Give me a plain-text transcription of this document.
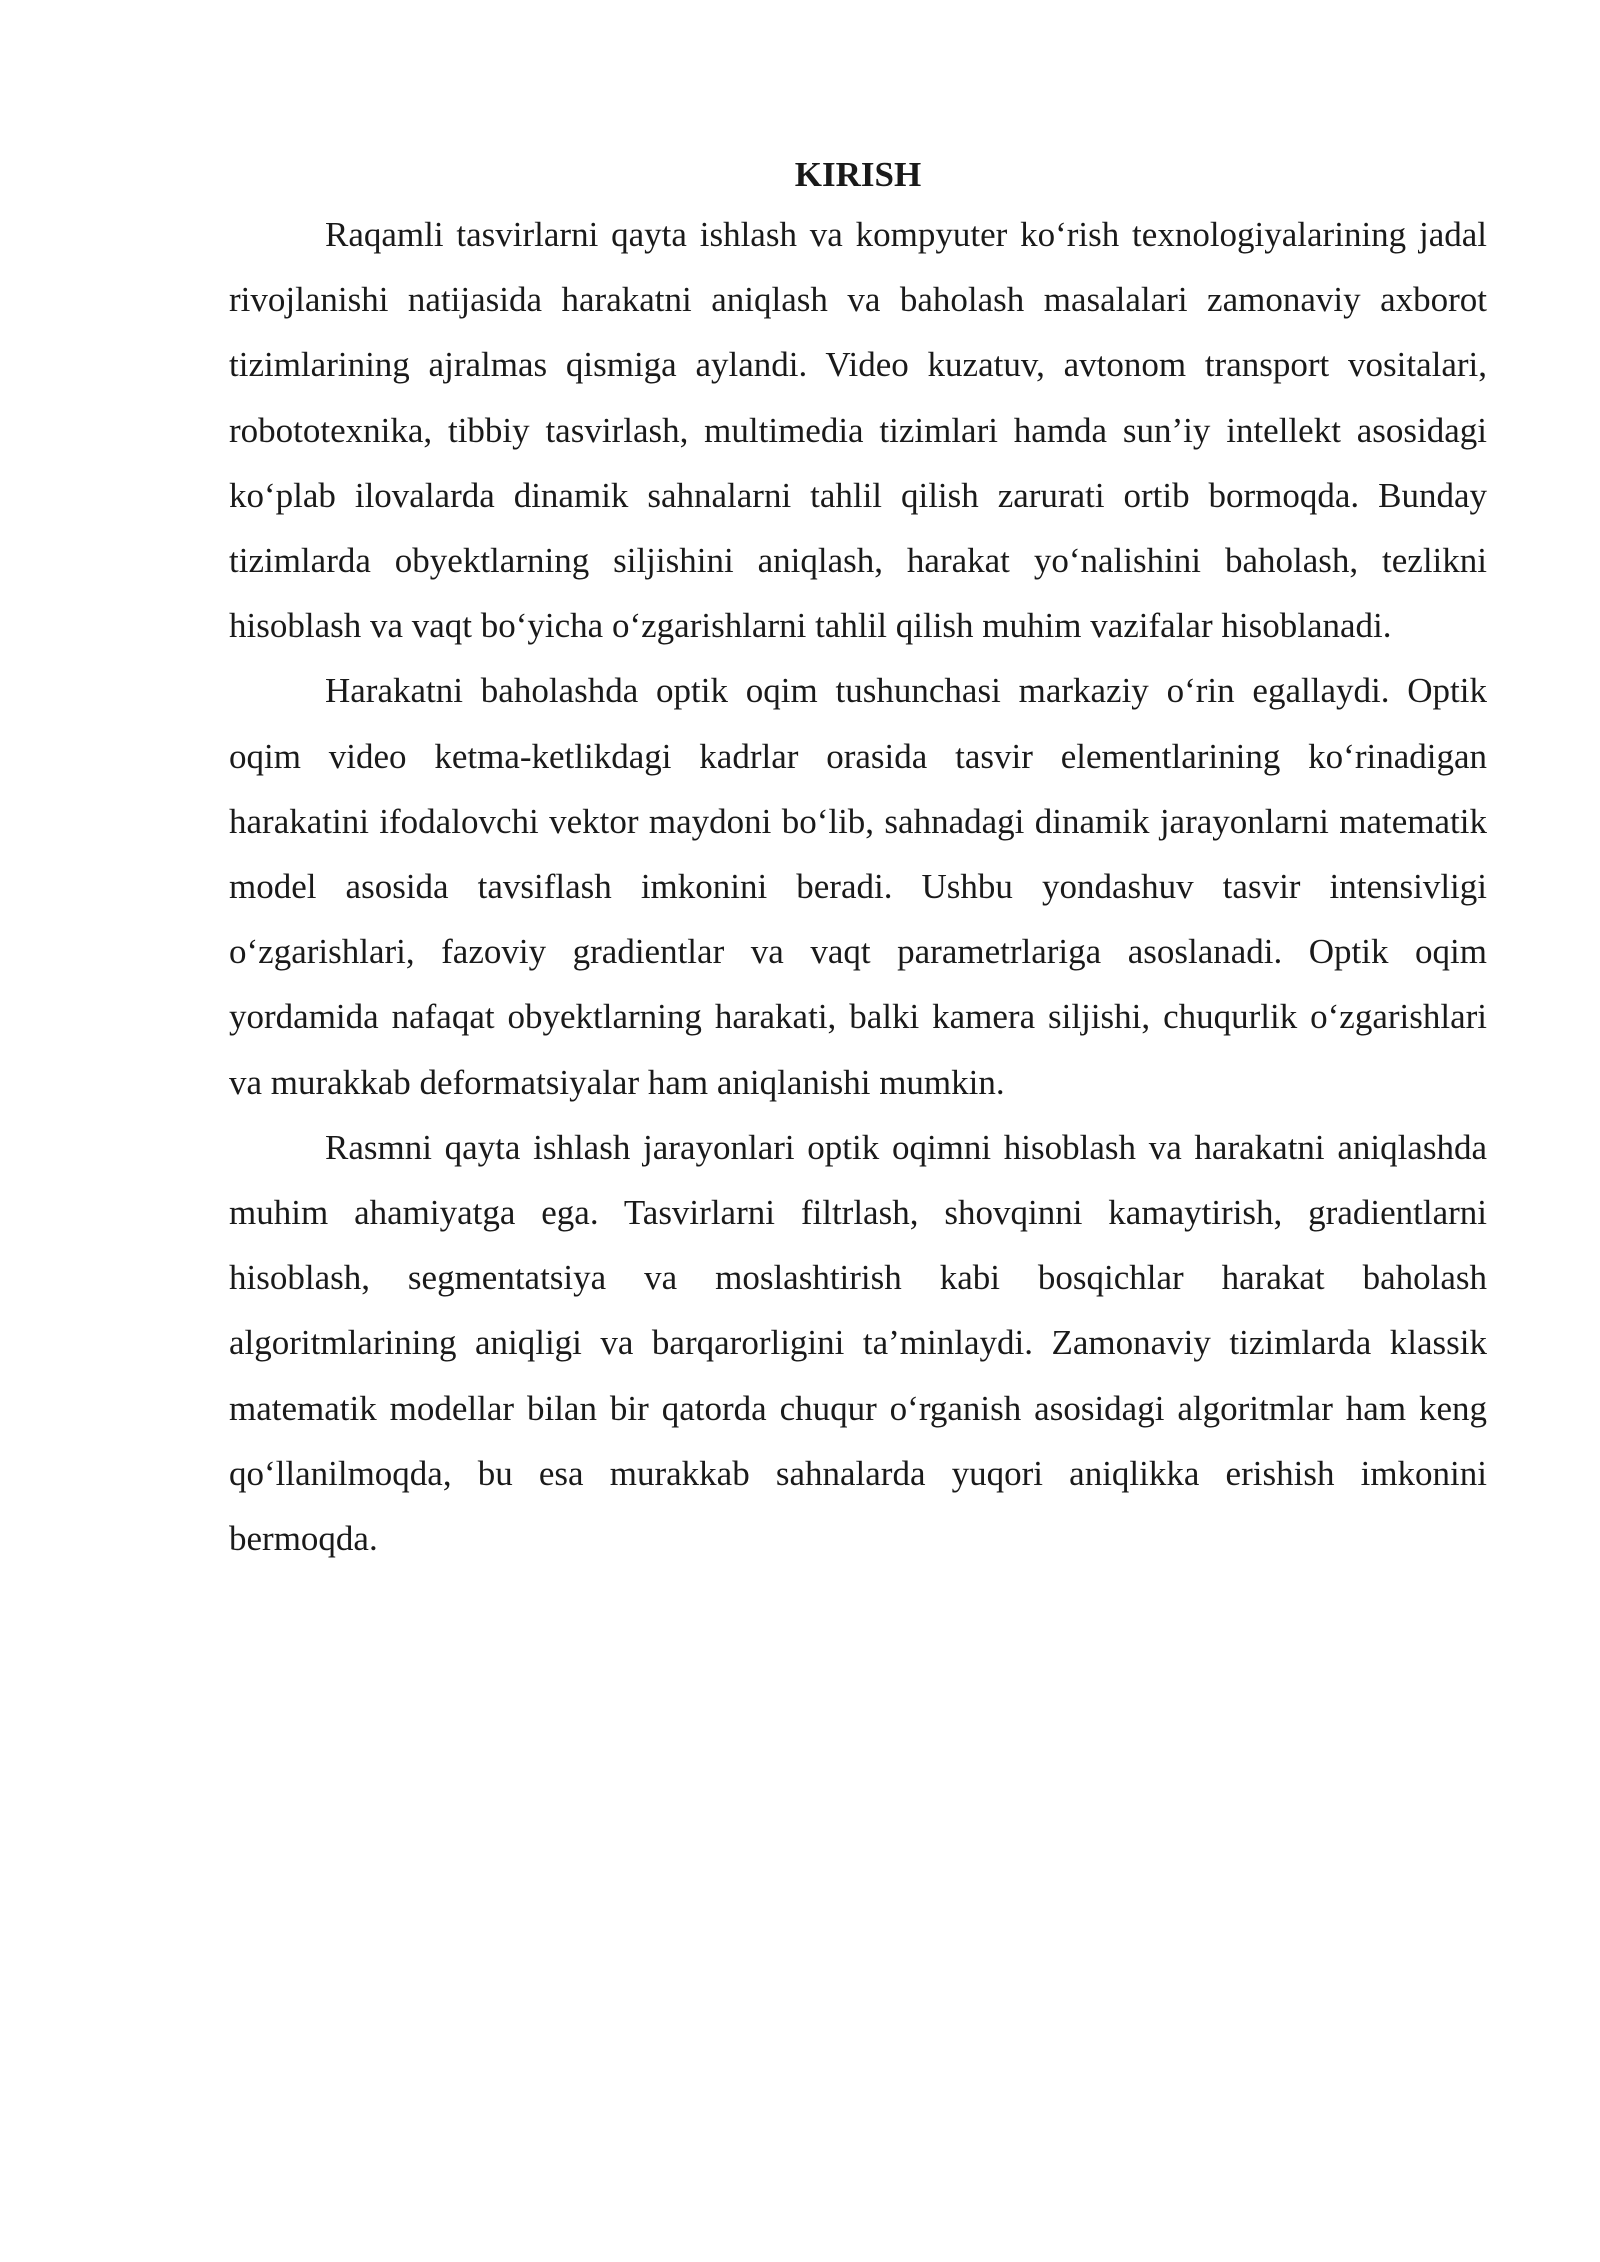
KIRISH

Raqamli tasvirlarni qayta ishlash va kompyuter ko‘rish texnologiyalarining jadal rivojlanishi natijasida harakatni aniqlash va baholash masalalari zamonaviy axborot tizimlarining ajralmas qismiga aylandi. Video kuzatuv, avtonom transport vositalari, robototexnika, tibbiy tasvirlash, multimedia tizimlari hamda sun’iy intellekt asosidagi ko‘plab ilovalarda dinamik sahnalarni tahlil qilish zarurati ortib bormoqda. Bunday tizimlarda obyektlarning siljishini aniqlash, harakat yo‘nalishini baholash, tezlikni hisoblash va vaqt bo‘yicha o‘zgarishlarni tahlil qilish muhim vazifalar hisoblanadi.

Harakatni baholashda optik oqim tushunchasi markaziy o‘rin egallaydi. Optik oqim video ketma-ketlikdagi kadrlar orasida tasvir elementlarining ko‘rinadigan harakatini ifodalovchi vektor maydoni bo‘lib, sahnadagi dinamik jarayonlarni matematik model asosida tavsiflash imkonini beradi. Ushbu yondashuv tasvir intensivligi o‘zgarishlari, fazoviy gradientlar va vaqt parametrlariga asoslanadi. Optik oqim yordamida nafaqat obyektlarning harakati, balki kamera siljishi, chuqurlik o‘zgarishlari va murakkab deformatsiyalar ham aniqlanishi mumkin.

Rasmni qayta ishlash jarayonlari optik oqimni hisoblash va harakatni aniqlashda muhim ahamiyatga ega. Tasvirlarni filtrlash, shovqinni kamaytirish, gradientlarni hisoblash, segmentatsiya va moslashtirish kabi bosqichlar harakat baholash algoritmlarining aniqligi va barqarorligini ta’minlaydi. Zamonaviy tizimlarda klassik matematik modellar bilan bir qatorda chuqur o‘rganish asosidagi algoritmlar ham keng qo‘llanilmoqda, bu esa murakkab sahnalarda yuqori aniqlikka erishish imkonini bermoqda.
